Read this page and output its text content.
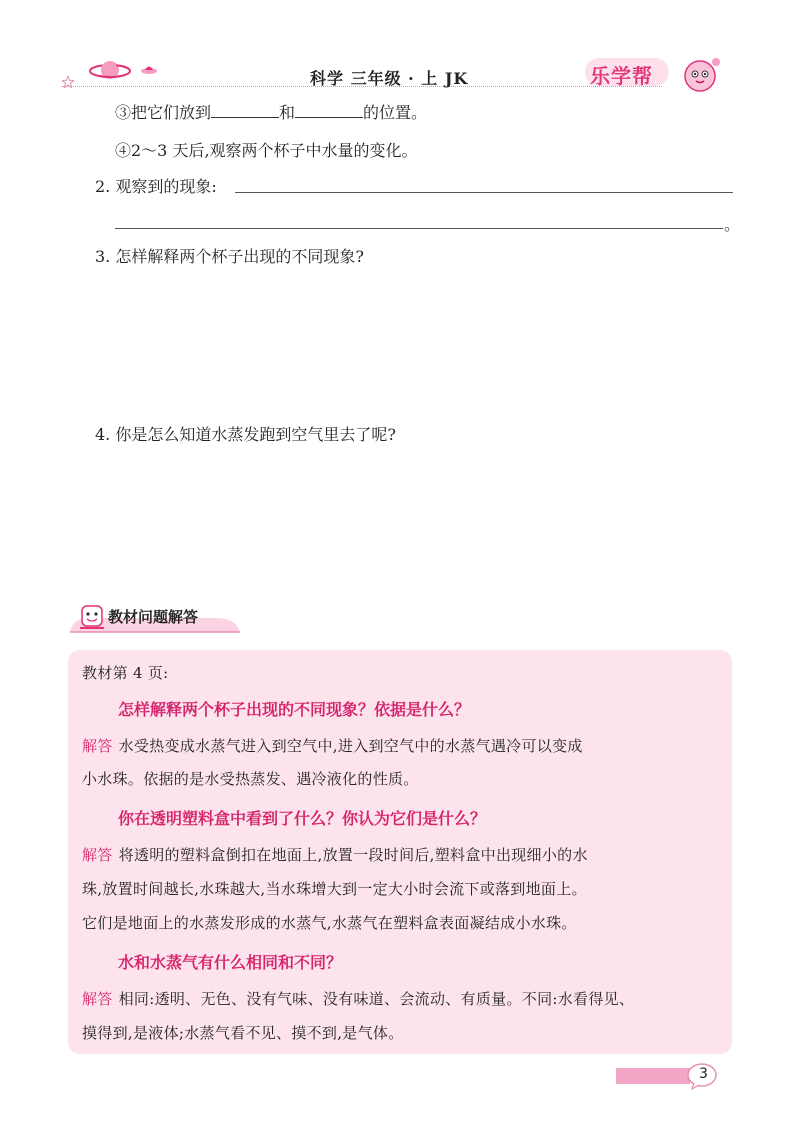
科学 三年级 · 上 JK	乐学帮
③把它们放到	和	的位置。
④2～3 天后,观察两个杯子中水量的变化。
2. 观察到的现象:
。
3. 怎样解释两个杯子出现的不同现象?
4. 你是怎么知道水蒸发跑到空气里去了呢?
教材问题解答
教材第 4 页:
怎样解释两个杯子出现的不同现象？依据是什么？
解答 水受热变成水蒸气进入到空气中,进入到空气中的水蒸气遇冷可以变成
小水珠。依据的是水受热蒸发、遇冷液化的性质。
你在透明塑料盒中看到了什么？你认为它们是什么？
解答 将透明的塑料盒倒扣在地面上,放置一段时间后,塑料盒中出现细小的水
珠,放置时间越长,水珠越大,当水珠增大到一定大小时会流下或落到地面上。
它们是地面上的水蒸发形成的水蒸气,水蒸气在塑料盒表面凝结成小水珠。
水和水蒸气有什么相同和不同？
解答 相同:透明、无色、没有气味、没有味道、会流动、有质量。不同:水看得见、
摸得到,是液体;水蒸气看不见、摸不到,是气体。
3
